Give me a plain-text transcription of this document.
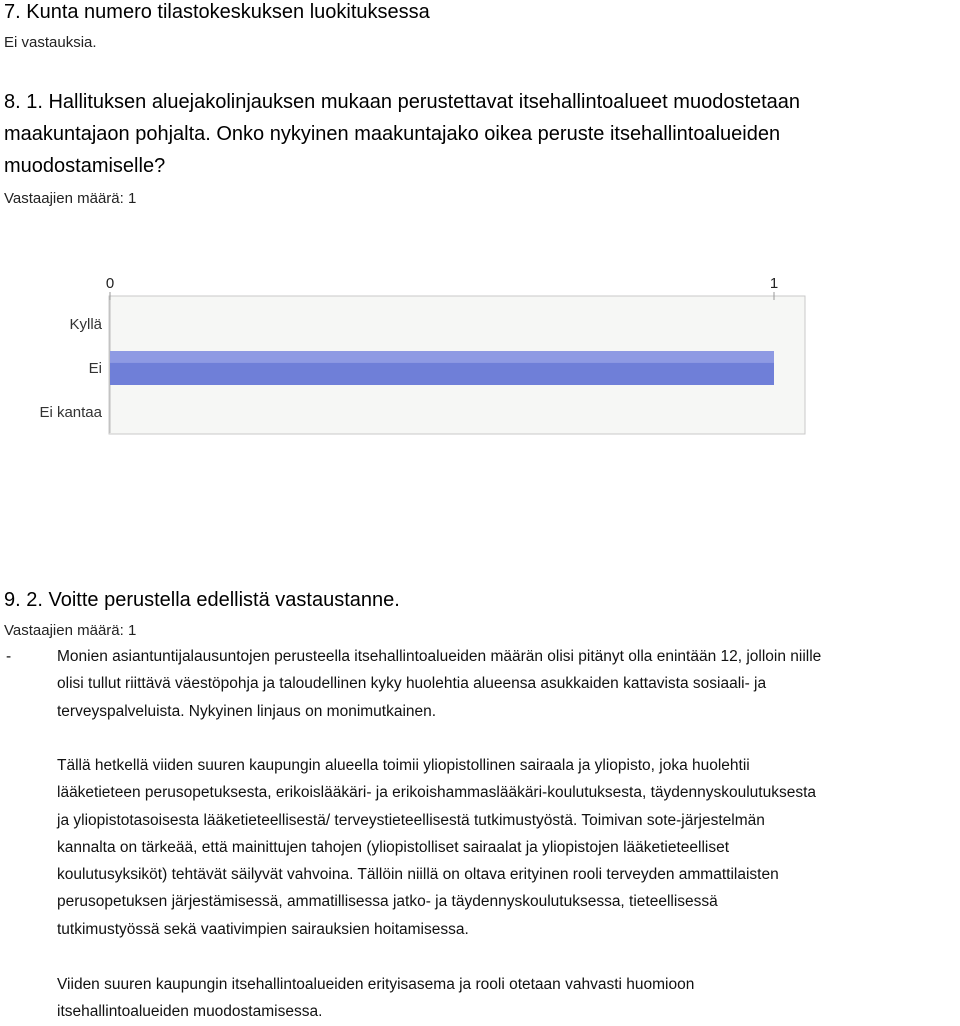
7. Kunta numero tilastokeskuksen luokituksessa
Ei vastauksia.
8. 1. Hallituksen aluejakolinjauksen mukaan perustettavat itsehallintoalueet muodostetaan
maakuntajaon pohjalta. Onko nykyinen maakuntajako oikea peruste itsehallintoalueiden
muodostamiselle?
Vastaajien määrä: 1
0	1
Kyllä
Ei
Ei kantaa
9. 2. Voitte perustella edellistä vastaustanne.
Vastaajien määrä: 1
-	Monien asiantuntijalausuntojen perusteella itsehallintoalueiden määrän olisi pitänyt olla enintään 12, jolloin niille
olisi tullut riittävä väestöpohja ja taloudellinen kyky huolehtia alueensa asukkaiden kattavista sosiaali- ja
terveyspalveluista. Nykyinen linjaus on monimutkainen.
Tällä hetkellä viiden suuren kaupungin alueella toimii yliopistollinen sairaala ja yliopisto, joka huolehtii
lääketieteen perusopetuksesta, erikoislääkäri- ja erikoishammaslääkäri-koulutuksesta, täydennyskoulutuksesta
ja yliopistotasoisesta lääketieteellisestä/ terveystieteellisestä tutkimustyöstä. Toimivan sote-järjestelmän
kannalta on tärkeää, että mainittujen tahojen (yliopistolliset sairaalat ja yliopistojen lääketieteelliset
koulutusyksiköt) tehtävät säilyvät vahvoina. Tällöin niillä on oltava erityinen rooli terveyden ammattilaisten
perusopetuksen järjestämisessä, ammatillisessa jatko- ja täydennyskoulutuksessa, tieteellisessä
tutkimustyössä sekä vaativimpien sairauksien hoitamisessa.
Viiden suuren kaupungin itsehallintoalueiden erityisasema ja rooli otetaan vahvasti huomioon
itsehallintoalueiden muodostamisessa.
